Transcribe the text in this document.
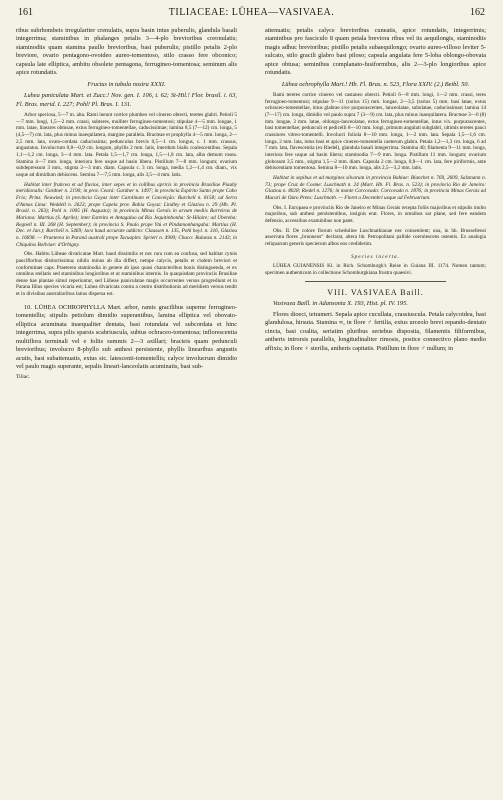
161	TILIACEAE: LÜHEA—VASIVAEA.	162

ribus subrhombeis irregulariter crenulatis, supra basin intus puberulis, glandula basali integerrima; staminibus in phalanges petalis 3—4-plo brevioribus coronulatis; staminodiis quam stamina paullo brevioribus, basi puberulis; pistillo petalis 2-plo breviore, ovario pentagono-ovoideo aureo-tomentoso, stilo crasso fere obconico; capsula late elliptica, ambitu obsolete pentagona, ferrugineo-tomentosa; seminum alis apice rotundatis.

Fructus in tabula nostra XXXI.

Luhea paniculata Mart. et Zucc.! Nov. gen. I. 106, t. 62; St-Hil.! Flor. brasil. i. 63, Fl. Bras. merid. I. 227; Pohl! Pl. Bras. I. 131.

Arbor speciosa, 5—7 m. alta. Rami ineunt cortice plumbeo vel cinereo obtecti, teretes glabri. Petioli 5—7 mm. longi, 1,5—2 mm. crassi, subteres, molliter ferrugineo-tomentosi; stipulae 4—5 mm. longae, 1 mm. latae, lineares obtusae, extus ferrugineo-tomentellae, caducissimae; lamina 8,5 (7—12) cm. longa, 5 (4,5—7) cm. lata, plus minus inaequilatera, margine parallela. Bracteae et prophylla 4—5 mm. longa, 2—2,5 mm. lata, ovato-cordata caducissima; pedunculus brevis 0,5—1 cm. longus, c. 1 mm. crassus, angustatus. Involucrum 0,8—0,9 cm. longum, phyllis 2 mm. latis, interdum bialis coalescentibus. Sepala 1,1—1,2 cm. longa, 3—4 mm. lata. Petala 1,5—1,7 cm. longa, 1,5—1,8 cm. lata, alba demum rosea. Stamina 4—7 mm. longa, interiora fere usque ad basin libera. Pistillum 7—8 mm. longum; ovarium subdepressum 3 mm., stigma 2—3 mm. diam. Capsula c. 3 cm. longa, media 1,2—1,4 cm. diam., vix usque ad dimidium dehiscens. Semina 7—7,5 mm. longa, alis 3,5—4 mm. latis.

Habitat inter fruticea et ad fluvios, inter sepes et in collibus apricis in provincia Brasiliae Piauhy meridionalis: Gardner n. 2190; in prov. Ceará: Gardner n. 1497; in provincia Espírito Santo prope Cabo Frio; Prinz. Neuwied; in provincia Goyaz inter Carolinam et Conceição: Burchell n. 8158; ad Serra d'Annas Lima: Weddell n. 2623; prope Capela prov. Bahia Goyaz: Lindley et Glaziou n. 29 (Hb. Pl. Brasil. n. 263); Pohl n. 1005 (H. Augusto); in provincia Minas Gerais in arvum mediis Barreiras de Mariana: Martius (S. Aprile); inter Estreito et Antagaluo ad Rio Jequitinhonha: St-Hilaire; ad Ubereba: Regnell n. III. 268 (H. September); in provincia S. Paulo prope Ytú et Pindamonhangaba: Martius (H. Dec. et Jan.); Burchell n. 5469; loco haud accurate addicto: Claussen n. 135, Pohl hoyl. n. 316, Glaziou n. 16698. — Praeterea in Paraná australi prope Tacuapim: Sprieri n. 4900; Chaco: Balanza n. 2143; in Chiquitos Boliviae: d'Orbigny.

Obs. Habitu Lüheae divaricatae Mart. haud dissimilis et nec rara cum ea confusa, sed habitat cymis pauciflorbus distinctissima; nihilo minus ab illa differt, nempe calycis, petalis et cisdem breviori et conformitaet caps. Praeterea staminodia in genere ab ipso quasi characteribus bonis distinguenda, et ex omnibus stellatis sed staminibus longioribus et ut staminibus internis. In quaquisdam provinciis Brasiliae dense hae plantae simul reperiuntur, sed Lüheae paniculatae magis occurrentes versus progrediunt et in Parana Illius species vicaria est; Luhea divaricata contra a centro distributionis ad meridiem versus tendit et in divisibus australioribus latius dispersa est.

10. LÜHEA OCHROPHYLLA Mart. arbor, ramis gracilibus superne ferrugineo-tomentellis; stipulis petiolum dimidio superantibus, lamina elliptica vel obovato-elliptica acuminata inaequaliter dentata, basi rotundata vel subcordata et hinc integerrima, supra pilis sparsis scabriuscula, subtus ochraceo-tomentosa; inflorescentia multiflora terminali vel e foliis summis 2—3 axillari; bracteis quam pedunculi brevioribus; involucro 8-phyllo sub anthesi persistente, phyllis linearibus angustis acutis, basi subattenuatis, extus sic. latescenti-tomentellis; calyce involucrum dimidio vel paulo magis superante, sepalis lineari-lanceolatis acuminatis, basi sub-

Tiliac.

attenuatis; petalis calyce brevioribus cuneatis, apice rotundatis, integerrimis; staminibus pro fasciculo 8 quam petala breviora ribus vel iis aequilongis, staminodiis magis adhuc brevioribus; pistillo petalis subaequilongo; ovario aureo-villoso leviter 5-sulcato, stilo gracili glabro basi piloso; capsula angulata fere 5-loba oblongo-obovata apice obtusa; seminibus complanato-fusiformibus, alis 2—3-plo longioribus apice rotundatis.

Lühea ochrophylla Mart.! Hb. Fl. Bras. n. 523, Flora XXIV. (2.) Beibl. 50.

Rami teretes cortice cinereo vel castaneo obtecti. Petioli 6—8 mm. longi, 1—2 mm. crassi, teres ferrugineo-tomentosi; stipulae 9—11 (rarius 15) mm. longae, 2—3,5 (rarius 5) mm. basi latae, extus ochraceo-tomentellae, intus glabrae sive purpurascentes, lanceolatae, subulatae, caducissimae; lamina 14 (7—17) cm. longa, dimidio vel paulo supra 7 (3—9) cm. lata, plus minus inaequilatera. Bracteae 3—6 (8) mm. longae, 2 mm. latae, oblongo-lanceolatae, extus ferrugineo-tomentellae, intus vix. purpurascentes, basi tomentellae; pedunculi et pedicelli 8—10 mm. longi, primum angulati subglabri, ultimis teretes pauci crassiores vitreo-tomentelli. Involucri foliola 8—10 mm. longa, 1—2 mm. lata. Sepala 1,5—1,6 cm. longa, 2 mm. lata, intus basi et apice cinereo-tomentella caeterum glabra. Petala 1,2—1,3 cm. longa, 6 ad 7 mm. lata, flavescentia (ex Riedel), glandula basali integerrima. Stamina 40; filamenta 9—11 mm. longa, interiora fere usque ad basin libera; staminodia 7—9 mm. longa. Pistillum 11 mm. longum; ovarium globosum 3,5 mm., stigma 1,5—2 mm. diam. Capsula 2 cm. longa, 0,8—1 cm. lata, fere piriformis, ante dehiscentiam tomentosa. Semina 8—10 mm. longa, alis 2,5—3,2 mm. latis.

Habitat in sepibus et ad margines silvarum in provincia Bahiae: Blanchet n. 769, 2609, Salzmann n. 73; prope Cruz de Cosme: Luschnath n. 24 (Mart. Hb. Fl. Bras. n. 523); in provincia Rio de Janeiro: Glaziou n. 8028; Riedel n. 1276; in monte Corcovado: Corcovado n. 1876; in provincia Minas Gerais ad Mucuri de Ouro Preto: Luschnath. — Floret a Decembri usque ad Februarium.

Obs. I. Europaea e provinciis Rio de Janeiro et Minas Gerais recepta foliis majoribus et stipulis multo majoribus, sub anthesi persistentibus, insignis erat. Flores, in omnibus sat plane, sed fere eandem defensio, accessibus examinibus non patet.

Obs. II. De colore florum scheduline Luschnathianae nec consentient; una, in hb. Brussellensi asservata flores „brunneos“ declarat, altera hb. Petropolitani pallide coerulescens ostentis. Ex analogia reliquarum generis specierum albos eos crediderim.

Species incerta.

LÜHEA GUIANENSIS Kl. in Rich. Schomburgk's Reise in Guiana III. 1174. Nomen tantum; specimen authenticum in collectione Schomburgkiana frustra quaesivi.

VIII. VASIVAEA Baill.

Vasivaea Baill. in Adansonia X. 193, Hist. pl. IV. 195.

Flores dioeci, tetrameri. Sepala apice cucullata, crassiuscula. Petala calycoidea, basi glandulosa, hirsuta. Stamina ∞, in flore ♂ fertilia, extus urceolo brevi repando-dentato cincta, basi coalita, seriatim pluribus seriebus disposita, filamentis filiformibus, antheris introrsis parallelis, longitudinaliter rimosis, postice connectivo plano medio affixis; in flore ♀ sterilia, antheris capitatis. Pistillum in flore ♂ nullum; in
